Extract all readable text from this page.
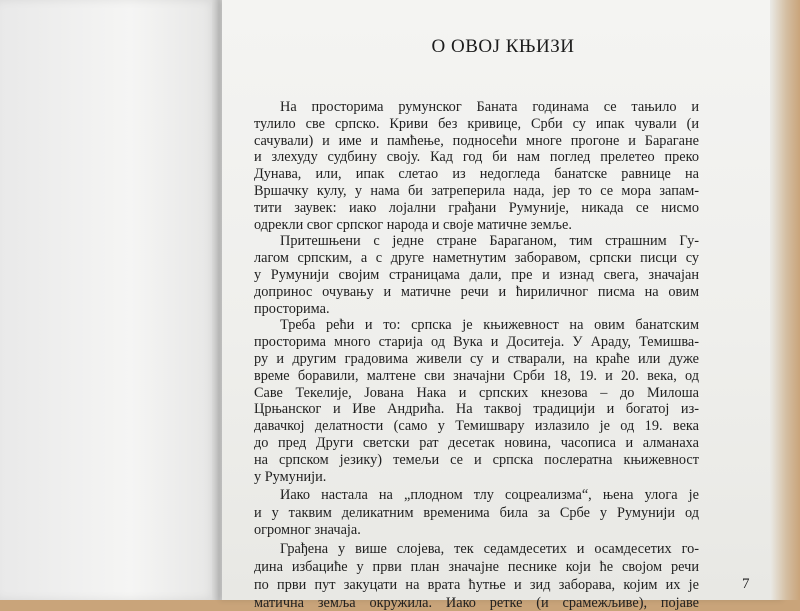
О ОВОЈ КЊИЗИ
На просторима румунског Баната годинама се тањило и
тулило све српско. Криви без кривице, Срби су ипак чували (и
сачували) и име и памћење, подносећи многе прогоне и Бараганe
и злехуду судбину своју. Кад год би нам поглед прелетео преко
Дунава, или, ипак слетао из недогледа банатске равнице на
Вршачку кулу, у нама би затреперила нада, јер то се мора запам-
тити заувек: иако лојални грађани Румуније, никада се нисмо
одрекли свог српског народа и своје матичне земље.
Притешњени с једне стране Бараганом, тим страшним Гу-
лагом српским, а с друге наметнутим заборавом, српски писци су
у Румунији својим страницама дали, пре и изнад свега, значајан
допринос очувању и матичне речи и ћириличног писма на овим
просторима.
Треба рећи и то: српска је књижевност на овим банатским
просторима много старија од Вука и Доситеја. У Араду, Темишва-
ру и другим градовима живели су и стварали, на краће или дуже
време боравили, малтене сви значајни Срби 18, 19. и 20. века, од
Саве Текелије, Јована Нака и српских кнезова – до Милоша
Црњанског и Иве Андрића. На таквој традицији и богатој из-
давачкој делатности (само у Темишвару излазило је од 19. века
до пред Други светски рат десетак новина, часописа и алманаха
на српском језику) темељи се и српска послератна књижевност
у Румунији.
Иако настала на „плодном тлу соцреализма“, њена улога је
и у таквим деликатним временима била за Србе у Румунији од
огромног значаја.
Грађена у више слојева, тек седамдесетих и осамдесетих го-
дина избациће у први план значајне песнике који ће својом речи
по први пут закуцати на врата ћутње и зид заборава, којим их је
матична земља окружила. Иако ретке (и срамежљиве), појаве
7
